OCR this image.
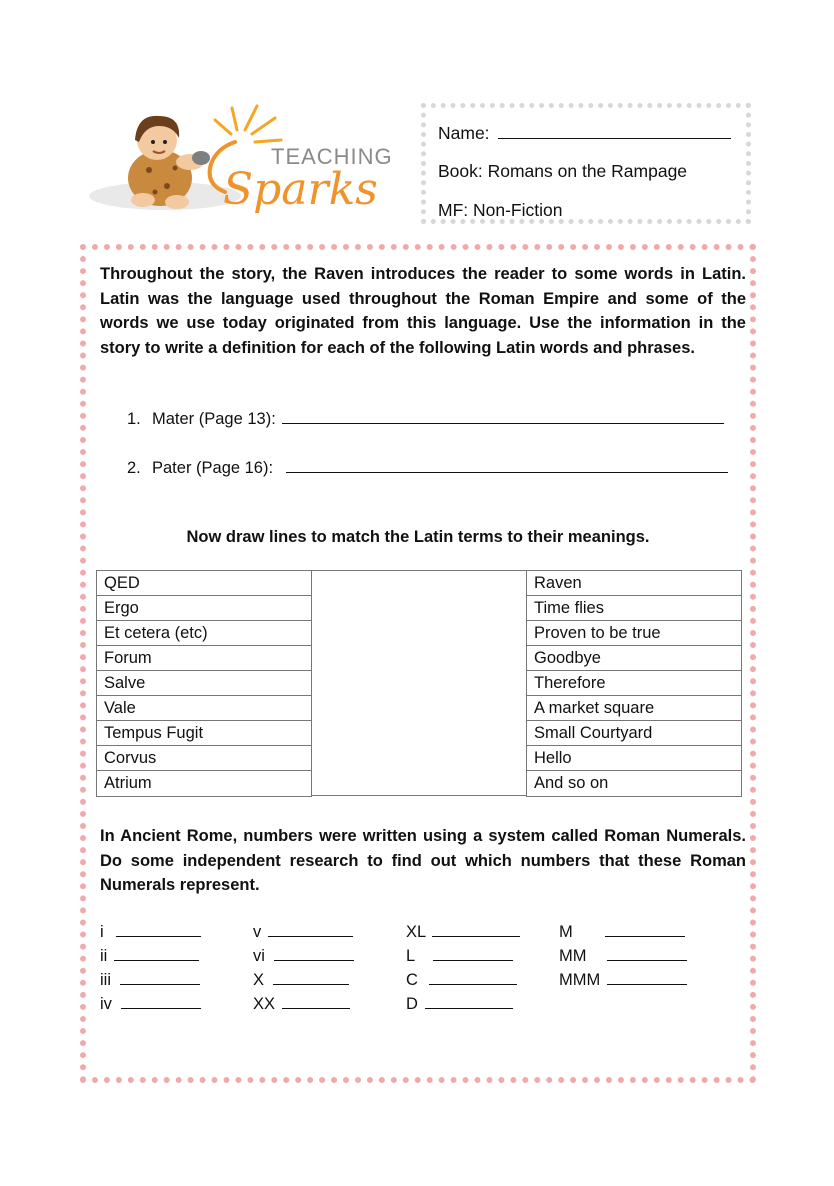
TEACHING
Sparks
Name:
Book: Romans on the Rampage
MF: Non-Fiction
Throughout the story, the Raven introduces the reader to some words in Latin. Latin was the language used throughout the Roman Empire and some of the words we use today originated from this language. Use the information in the story to write a definition for each of the following Latin words and phrases.
1. Mater (Page 13):
2. Pater (Page 16):
Now draw lines to match the Latin terms to their meanings.
QED
Ergo
Et cetera (etc)
Forum
Salve
Vale
Tempus Fugit
Corvus
Atrium
Raven
Time flies
Proven to be true
Goodbye
Therefore
A market square
Small Courtyard
Hello
And so on
In Ancient Rome, numbers were written using a system called Roman Numerals. Do some independent research to find out which numbers that these Roman Numerals represent.
i
ii
iii
iv
v
vi
X
XX
XL
L
C
D
M
MM
MMM
